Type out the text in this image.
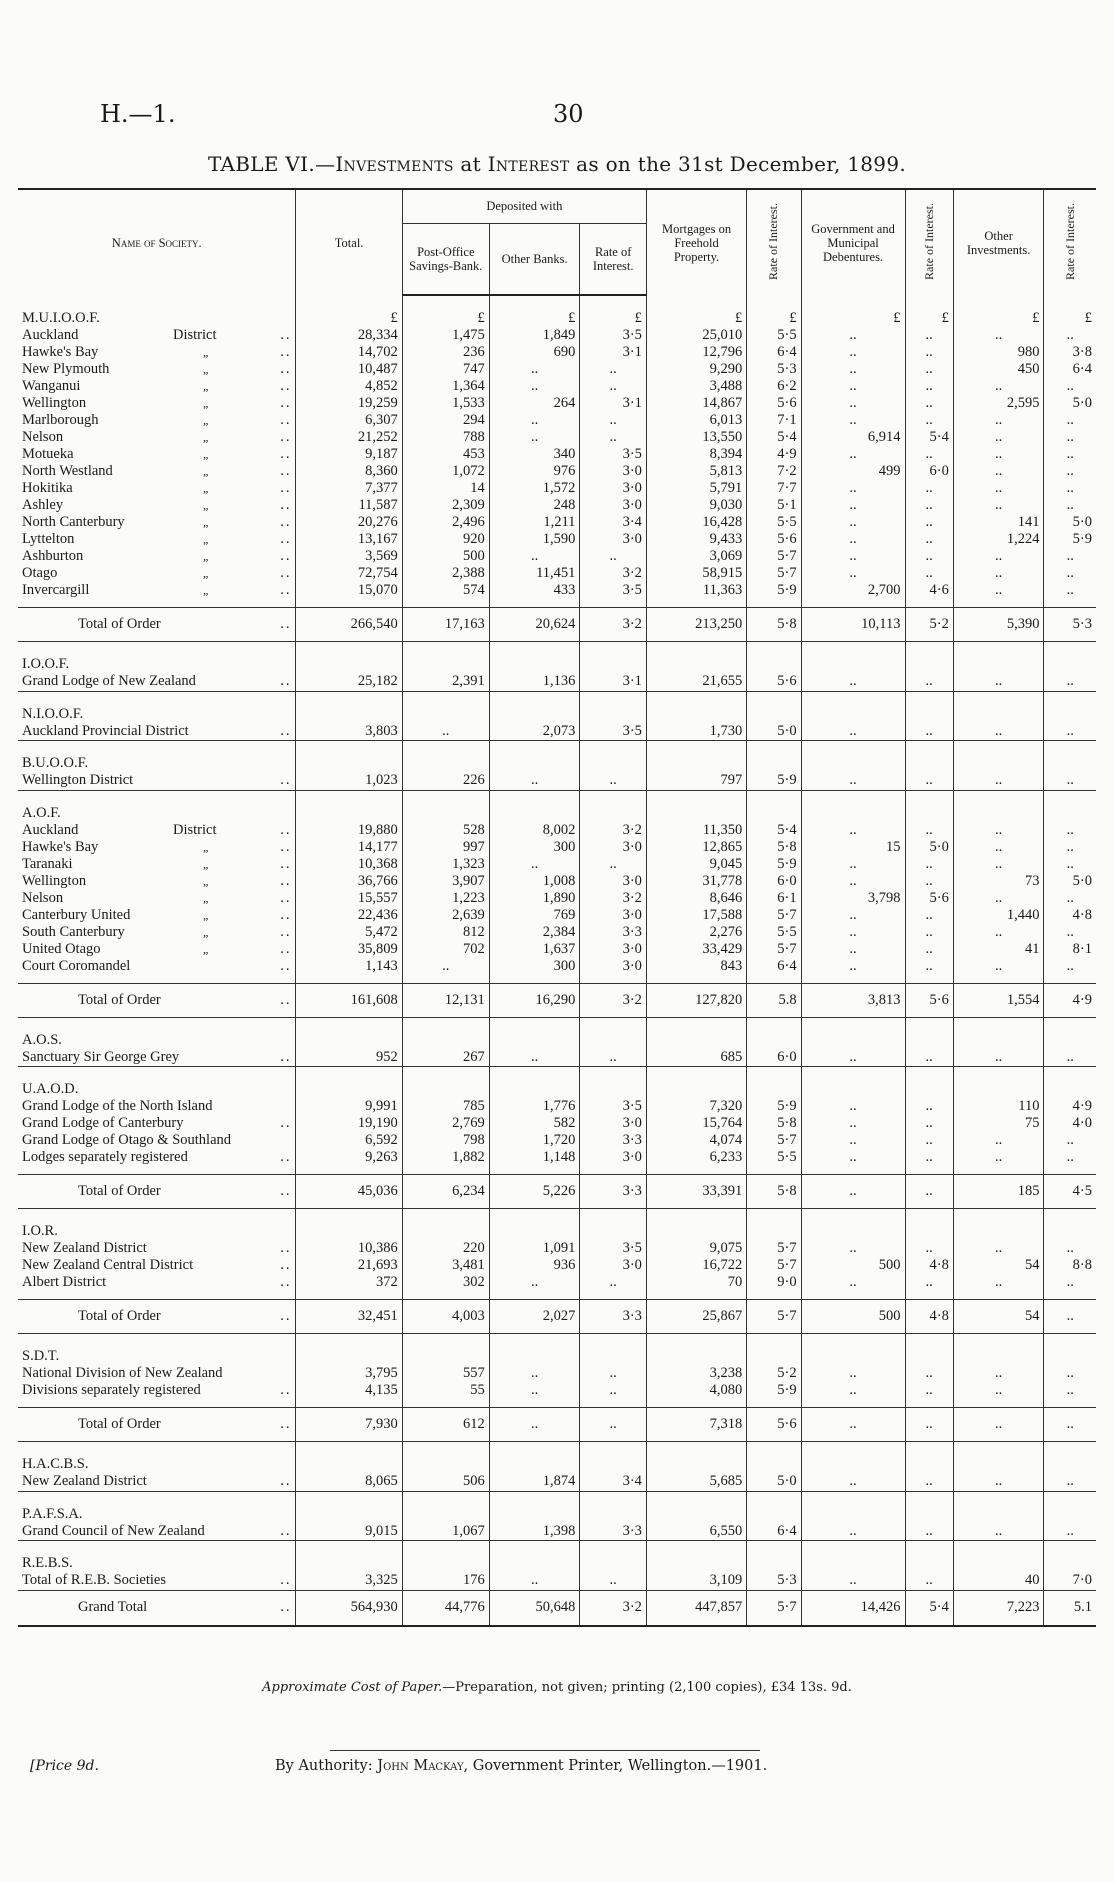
H.—1.	30
TABLE VI.—Investments at Interest as on the 31st December, 1899.
Name of Society.	Total.	Deposited with			Mortgages on Freehold Property.	Rate of Interest.	Government and Municipal Debentures.	Rate of Interest.	Other Investments.	Rate of Interest.
		Post-Office Savings-Bank.	Other Banks.	Rate of Interest.						
M.U.I.O.O.F.	£	£	£	£	£	£	£	£	£	£
Auckland District ..	28,334	1,475	1,849	3·5	25,010	5·5	..	..	..	..
Hawke's Bay „ ..	14,702	236	690	3·1	12,796	6·4	..	..	980	3·8
New Plymouth „ ..	10,487	747	..	..	9,290	5·3	..	..	450	6·4
Wanganui „ ..	4,852	1,364	..	..	3,488	6·2	..	..	..	..
Wellington „ ..	19,259	1,533	264	3·1	14,867	5·6	..	..	2,595	5·0
Marlborough „ ..	6,307	294	..	..	6,013	7·1	..	..	..	..
Nelson „ ..	21,252	788	..	..	13,550	5·4	6,914	5·4	..	..
Motueka „ ..	9,187	453	340	3·5	8,394	4·9	..	..	..	..
North Westland „ ..	8,360	1,072	976	3·0	5,813	7·2	499	6·0	..	..
Hokitika „ ..	7,377	14	1,572	3·0	5,791	7·7	..	..	..	..
Ashley „ ..	11,587	2,309	248	3·0	9,030	5·1	..	..	..	..
North Canterbury „ ..	20,276	2,496	1,211	3·4	16,428	5·5	..	..	141	5·0
Lyttelton „ ..	13,167	920	1,590	3·0	9,433	5·6	..	..	1,224	5·9
Ashburton „ ..	3,569	500	..	..	3,069	5·7	..	..	..	..
Otago „ ..	72,754	2,388	11,451	3·2	58,915	5·7	..	..	..	..
Invercargill „ ..	15,070	574	433	3·5	11,363	5·9	2,700	4·6	..	..
Total of Order ..	266,540	17,163	20,624	3·2	213,250	5·8	10,113	5·2	5,390	5·3
I.O.O.F.										
Grand Lodge of New Zealand ..	25,182	2,391	1,136	3·1	21,655	5·6	..	..	..	..
N.I.O.O.F.										
Auckland Provincial District ..	3,803	..	2,073	3·5	1,730	5·0	..	..	..	..
B.U.O.O.F.										
Wellington District ..	1,023	226	..	..	797	5·9	..	..	..	..
A.O.F.										
Auckland District ..	19,880	528	8,002	3·2	11,350	5·4	..	..	..	..
Hawke's Bay „ ..	14,177	997	300	3·0	12,865	5·8	15	5·0	..	..
Taranaki „ ..	10,368	1,323	..	..	9,045	5·9	..	..	..	..
Wellington „ ..	36,766	3,907	1,008	3·0	31,778	6·0	..	..	73	5·0
Nelson „ ..	15,557	1,223	1,890	3·2	8,646	6·1	3,798	5·6	..	..
Canterbury United „ ..	22,436	2,639	769	3·0	17,588	5·7	..	..	1,440	4·8
South Canterbury „ ..	5,472	812	2,384	3·3	2,276	5·5	..	..	..	..
United Otago „ ..	35,809	702	1,637	3·0	33,429	5·7	..	..	41	8·1
Court Coromandel ..	1,143	..	300	3·0	843	6·4	..	..	..	..
Total of Order ..	161,608	12,131	16,290	3·2	127,820	5.8	3,813	5·6	1,554	4·9
A.O.S.										
Sanctuary Sir George Grey ..	952	267	..	..	685	6·0	..	..	..	..
U.A.O.D.										
Grand Lodge of the North Island	9,991	785	1,776	3·5	7,320	5·9	..	..	110	4·9
Grand Lodge of Canterbury ..	19,190	2,769	582	3·0	15,764	5·8	..	..	75	4·0
Grand Lodge of Otago & Southland	6,592	798	1,720	3·3	4,074	5·7	..	..	..	..
Lodges separately registered ..	9,263	1,882	1,148	3·0	6,233	5·5	..	..	..	..
Total of Order ..	45,036	6,234	5,226	3·3	33,391	5·8	..	..	185	4·5
I.O.R.										
New Zealand District ..	10,386	220	1,091	3·5	9,075	5·7	..	..	..	..
New Zealand Central District ..	21,693	3,481	936	3·0	16,722	5·7	500	4·8	54	8·8
Albert District ..	372	302	..	..	70	9·0	..	..	..	..
Total of Order ..	32,451	4,003	2,027	3·3	25,867	5·7	500	4·8	54	..
S.D.T.										
National Division of New Zealand	3,795	557	..	..	3,238	5·2	..	..	..	..
Divisions separately registered ..	4,135	55	..	..	4,080	5·9	..	..	..	..
Total of Order ..	7,930	612	..	..	7,318	5·6	..	..	..	..
H.A.C.B.S.										
New Zealand District ..	8,065	506	1,874	3·4	5,685	5·0	..	..	..	..
P.A.F.S.A.										
Grand Council of New Zealand ..	9,015	1,067	1,398	3·3	6,550	6·4	..	..	..	..
R.E.B.S.										
Total of R.E.B. Societies ..	3,325	176	..	..	3,109	5·3	..	..	40	7·0
Grand Total ..	564,930	44,776	50,648	3·2	447,857	5·7	14,426	5·4	7,223	5.1
Approximate Cost of Paper.—Preparation, not given; printing (2,100 copies), £34 13s. 9d.
[Price 9d.	By Authority: John Mackay, Government Printer, Wellington.—1901.
